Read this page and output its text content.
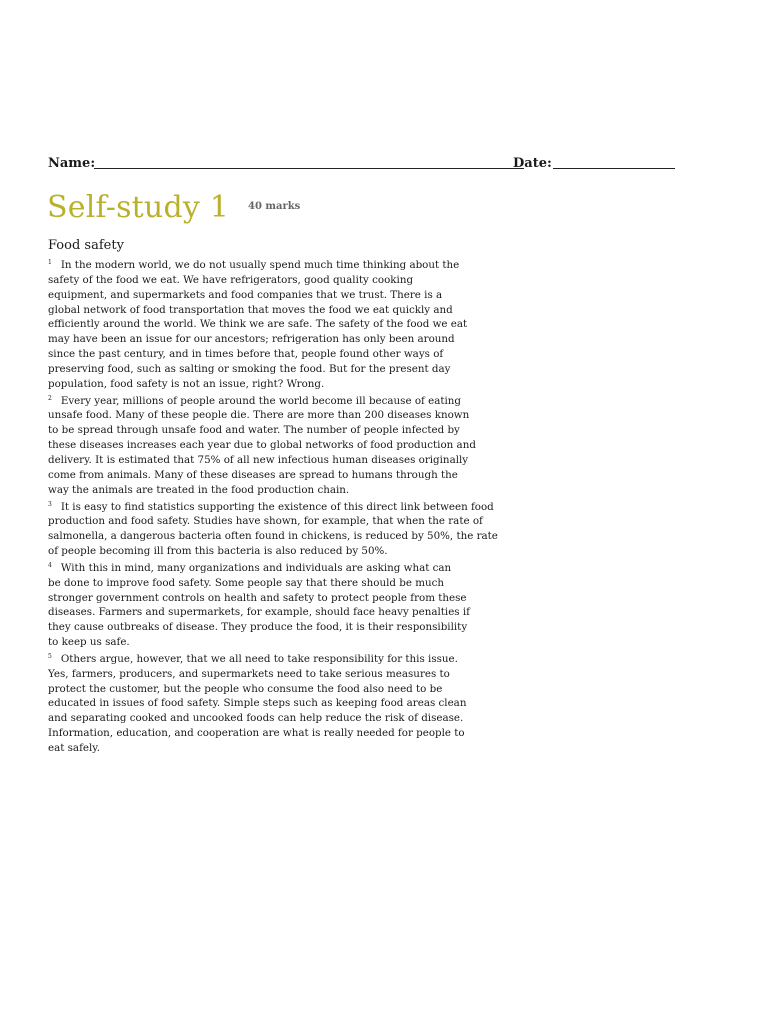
Name:	Date:
Self-study 1 40 marks
Food safety
$^1$ In the modern world, we do not usually spend much time thinking about the
safety of the food we eat. We have refrigerators, good quality cooking
equipment, and supermarkets and food companies that we trust. There is a
global network of food transportation that moves the food we eat quickly and
efficiently around the world. We think we are safe. The safety of the food we eat
may have been an issue for our ancestors; refrigeration has only been around
since the past century, and in times before that, people found other ways of
preserving food, such as salting or smoking the food. But for the present day
population, food safety is not an issue, right? Wrong.
$^2$ Every year, millions of people around the world become ill because of eating
unsafe food. Many of these people die. There are more than 200 diseases known
to be spread through unsafe food and water. The number of people infected by
these diseases increases each year due to global networks of food production and
delivery. It is estimated that 75% of all new infectious human diseases originally
come from animals. Many of these diseases are spread to humans through the
way the animals are treated in the food production chain.
$^3$ It is easy to find statistics supporting the existence of this direct link between food
production and food safety. Studies have shown, for example, that when the rate of
salmonella, a dangerous bacteria often found in chickens, is reduced by 50%, the rate
of people becoming ill from this bacteria is also reduced by 50%.
$^4$ With this in mind, many organizations and individuals are asking what can
be done to improve food safety. Some people say that there should be much
stronger government controls on health and safety to protect people from these
diseases. Farmers and supermarkets, for example, should face heavy penalties if
they cause outbreaks of disease. They produce the food, it is their responsibility
to keep us safe.
$^5$ Others argue, however, that we all need to take responsibility for this issue.
Yes, farmers, producers, and supermarkets need to take serious measures to
protect the customer, but the people who consume the food also need to be
educated in issues of food safety. Simple steps such as keeping food areas clean
and separating cooked and uncooked foods can help reduce the risk of disease.
Information, education, and cooperation are what is really needed for people to
eat safely.
